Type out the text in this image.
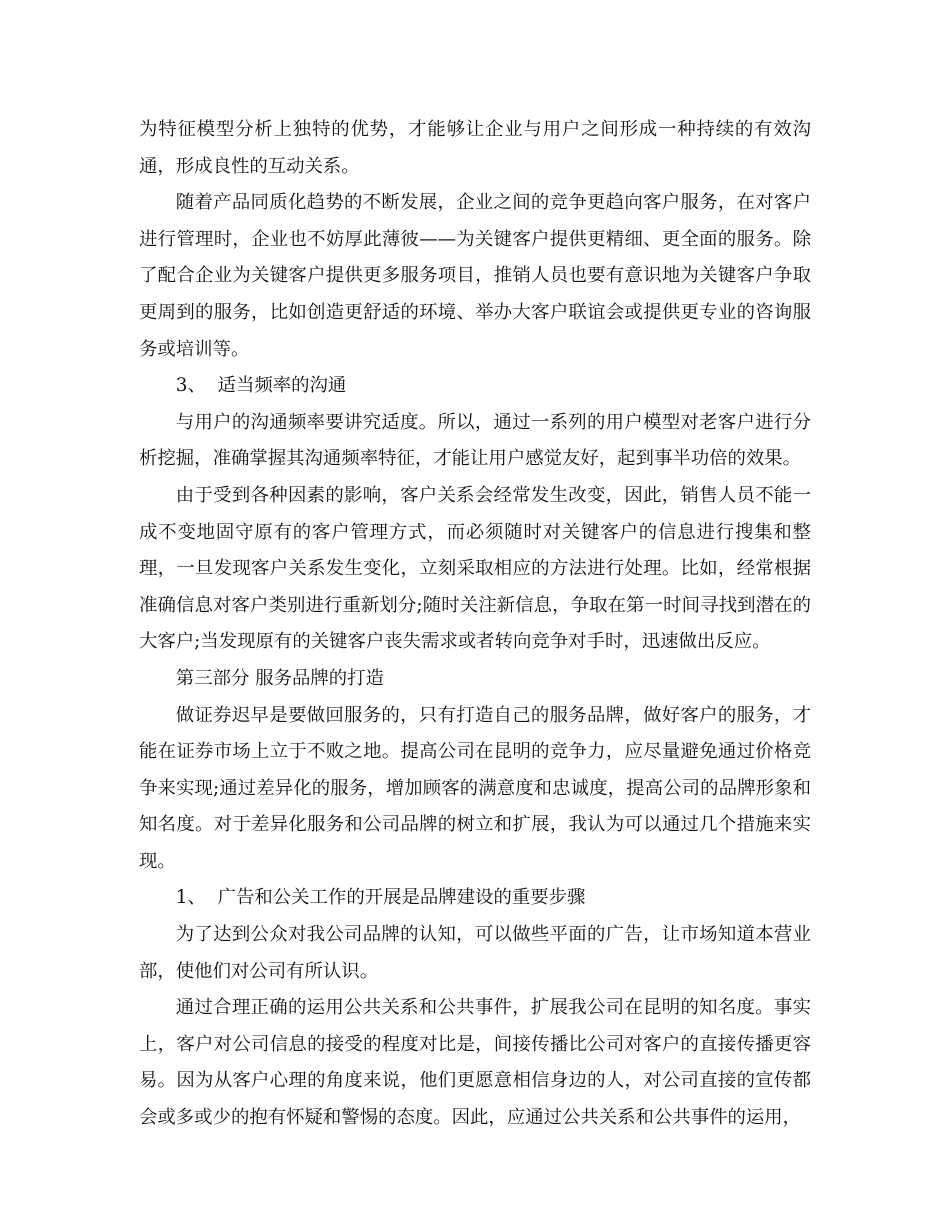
为特征模型分析上独特的优势，才能够让企业与用户之间形成一种持续的有效沟通，形成良性的互动关系。

随着产品同质化趋势的不断发展，企业之间的竞争更趋向客户服务，在对客户进行管理时，企业也不妨厚此薄彼——为关键客户提供更精细、更全面的服务。除了配合企业为关键客户提供更多服务项目，推销人员也要有意识地为关键客户争取更周到的服务，比如创造更舒适的环境、举办大客户联谊会或提供更专业的咨询服务或培训等。

3、  适当频率的沟通

与用户的沟通频率要讲究适度。所以，通过一系列的用户模型对老客户进行分析挖掘，准确掌握其沟通频率特征，才能让用户感觉友好，起到事半功倍的效果。

由于受到各种因素的影响，客户关系会经常发生改变，因此，销售人员不能一成不变地固守原有的客户管理方式，而必须随时对关键客户的信息进行搜集和整理，一旦发现客户关系发生变化，立刻采取相应的方法进行处理。比如，经常根据准确信息对客户类别进行重新划分;随时关注新信息，争取在第一时间寻找到潜在的大客户;当发现原有的关键客户丧失需求或者转向竞争对手时，迅速做出反应。

第三部分 服务品牌的打造

做证券迟早是要做回服务的，只有打造自己的服务品牌，做好客户的服务，才能在证券市场上立于不败之地。提高公司在昆明的竞争力，应尽量避免通过价格竞争来实现;通过差异化的服务，增加顾客的满意度和忠诚度，提高公司的品牌形象和知名度。对于差异化服务和公司品牌的树立和扩展，我认为可以通过几个措施来实现。

1、  广告和公关工作的开展是品牌建设的重要步骤

为了达到公众对我公司品牌的认知，可以做些平面的广告，让市场知道本营业部，使他们对公司有所认识。

通过合理正确的运用公共关系和公共事件，扩展我公司在昆明的知名度。事实上，客户对公司信息的接受的程度对比是，间接传播比公司对客户的直接传播更容易。因为从客户心理的角度来说，他们更愿意相信身边的人，对公司直接的宣传都会或多或少的抱有怀疑和警惕的态度。因此，应通过公共关系和公共事件的运用，
